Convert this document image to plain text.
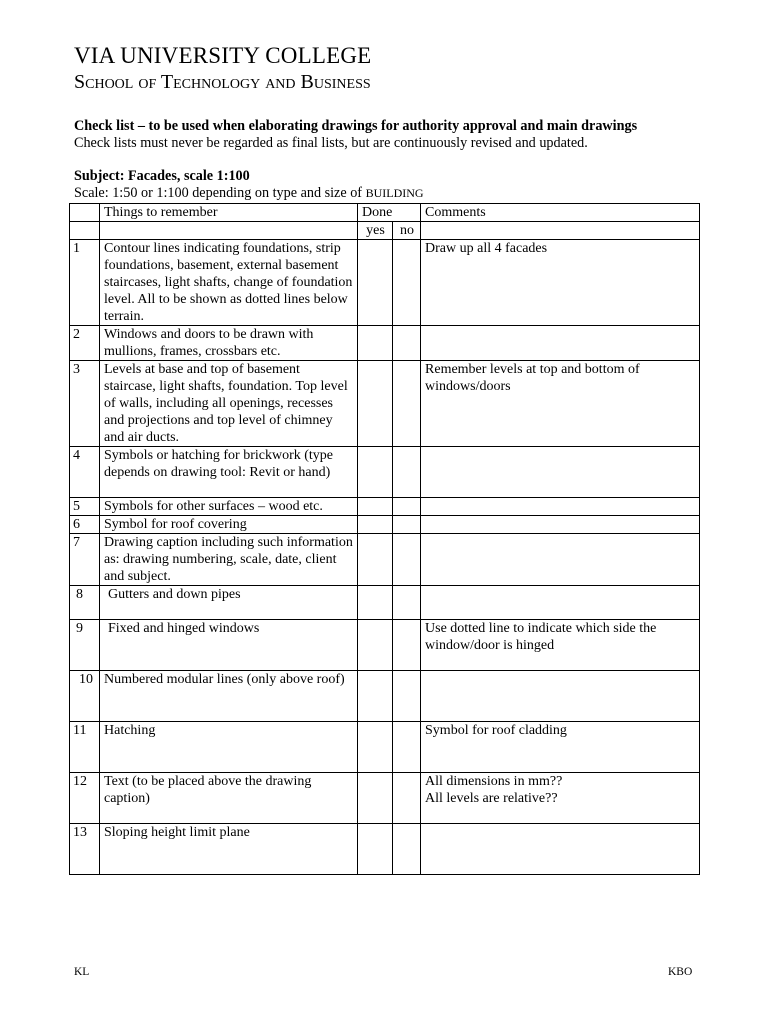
VIA UNIVERSITY COLLEGE
School of Technology and Business
Check list – to be used when elaborating drawings for authority approval and main drawings
Check lists must never be regarded as final lists, but are continuously revised and updated.
Subject: Facades, scale 1:100
Scale: 1:50 or 1:100 depending on type and size of BUILDING
	Things to remember	Done		Comments
		yes	no	
1	Contour lines indicating foundations, strip foundations, basement, external basement staircases, light shafts, change of foundation level. All to be shown as dotted lines below terrain.			Draw up all 4 facades
2	Windows and doors to be drawn with mullions, frames, crossbars etc.			
3	Levels at base and top of basement staircase, light shafts, foundation. Top level of walls, including all openings, recesses and projections and top level of chimney and air ducts.			Remember levels at top and bottom of windows/doors
4	Symbols or hatching for brickwork (type depends on drawing tool: Revit or hand)			
5	Symbols for other surfaces – wood etc.			
6	Symbol for roof covering			
7	Drawing caption including such information as: drawing numbering, scale, date, client and subject.			
8	Gutters and down pipes			
9	Fixed and hinged windows			Use dotted line to indicate which side the window/door is hinged
10	Numbered modular lines (only above roof)			
11	Hatching			Symbol for roof cladding
12	Text (to be placed above the drawing caption)			All dimensions in mm??
All levels are relative??
13	Sloping height limit plane			
KL	KBO
